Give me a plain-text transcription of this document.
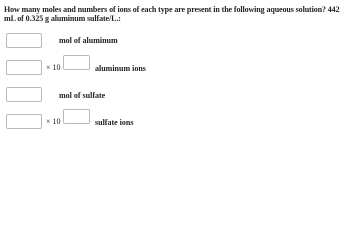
How many moles and numbers of ions of each type are present in the following aqueous solution? 442 mL of 0.325 g aluminum sulfate/L.:
mol of aluminum
× 10	aluminum ions
mol of sulfate
× 10	sulfate ions
